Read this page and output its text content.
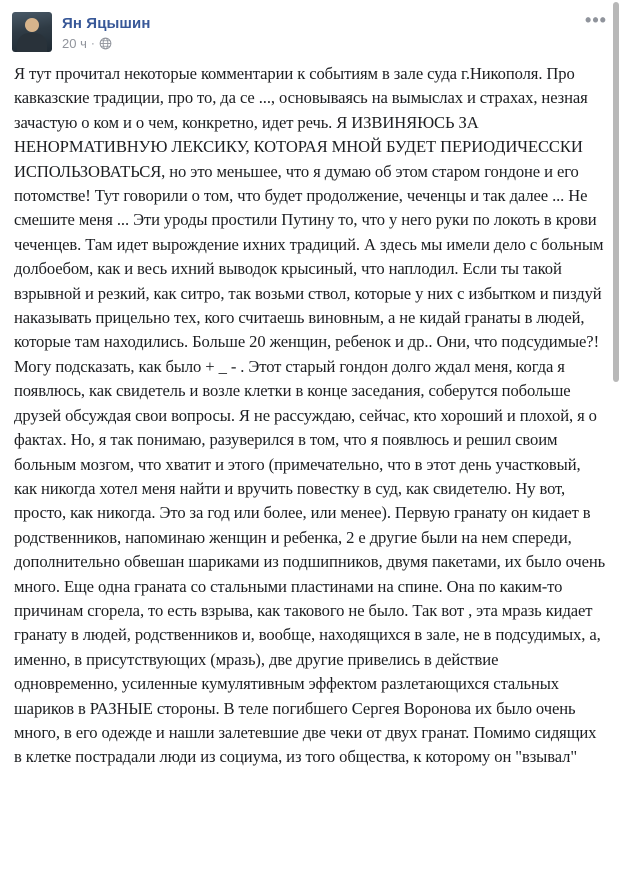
Ян Яцышин
20 ч ·
•••
Я тут прочитал некоторые комментарии к событиям в зале суда г.Никополя. Про кавказские традиции, про то, да се ..., основываясь на вымыслах и страхах, незная зачастую о ком и о чем, конкретно, идет речь. Я ИЗВИНЯЮСЬ ЗА НЕНОРМАТИВНУЮ ЛЕКСИКУ, КОТОРАЯ МНОЙ БУДЕТ ПЕРИОДИЧЕССКИ ИСПОЛЬЗОВАТЬСЯ, но это меньшее, что я думаю об этом старом гондоне и его потомстве! Тут говорили о том, что будет продолжение, чеченцы и так далее ... Не смешите меня ... Эти уроды простили Путину то, что у него руки по локоть в крови чеченцев. Там идет вырождение ихних традиций. А здесь мы имели дело с больным долбоебом, как и весь ихний выводок крысиный, что наплодил. Если ты такой взрывной и резкий, как ситро, так возьми ствол, которые у них с избытком и пиздуй наказывать прицельно тех, кого считаешь виновным, а не кидай гранаты в людей, которые там находились. Больше 20 женщин, ребенок и др.. Они, что подсудимые?! Могу подсказать, как было + _ - . Этот старый гондон долго ждал меня, когда я появлюсь, как свидетель и возле клетки в конце заседания, соберутся побольше друзей обсуждая свои вопросы. Я не рассуждаю, сейчас, кто хороший и плохой, я о фактах. Но, я так понимаю, разуверился в том, что я появлюсь и решил своим больным мозгом, что хватит и этого (примечательно, что в этот день участковый, как никогда хотел меня найти и вручить повестку в суд, как свидетелю. Ну вот, просто, как никогда. Это за год или более, или менее). Первую гранату он кидает в родственников, напоминаю женщин и ребенка, 2 е другие были на нем спереди, дополнительно обвешан шариками из подшипников, двумя пакетами, их было очень много. Еще одна граната со стальными пластинами на спине. Она по каким-то причинам сгорела, то есть взрыва, как такового не было. Так вот , эта мразь кидает гранату в людей, родственников и, вообще, находящихся в зале, не в подсудимых, а, именно, в присутствующих (мразь), две другие привелись в действие одновременно, усиленные кумулятивным эффектом разлетающихся стальных шариков в РАЗНЫЕ стороны. В теле погибшего Сергея Воронова их было очень много, в его одежде и нашли залетевшие две чеки от двух гранат. Помимо сидящих в клетке пострадали люди из социума, из того общества, к которому он "взывал"
